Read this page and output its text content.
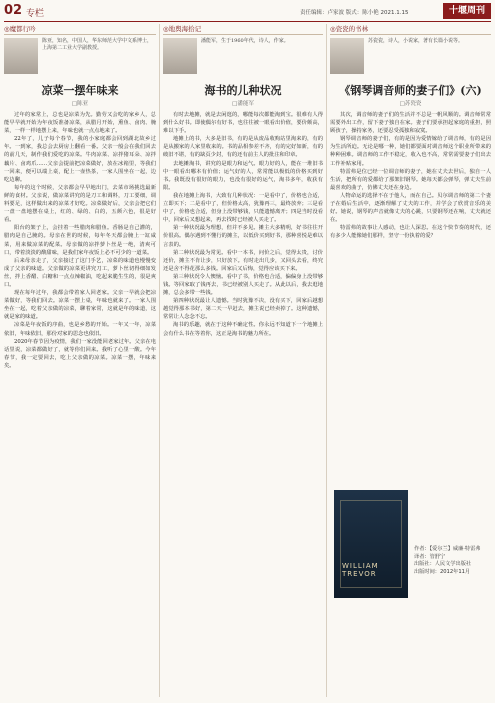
02 专栏	责任编辑：卢家波 版式：陈小艳 2021.1.15	十堰周刊
◎魔都行吟
陈亚，知名，中国人，华东师范大学中文系博士，上海第二工业大学副教授。
凉菜一摆年味来
□陈亚

过年的家常上，总也是凉菜为先。勤劳又会吃的家乡人，总能早早就开始为年夜饭准备凉菜，从腊月开始，熏鱼、卤肉、腌菜，一样一样地摆上来，年味也就一点点地来了。

22年了，儿子每个春节，我的小家庭都会回到湖北故乡过年。一到家，我总会去厨房上翻看一番。父亲一般会在我们回去的前几天，制作我们爱吃的凉菜。牛肉凉菜、凉拌猪耳朵、凉拌藕片、卤鸡爪……父亲会提前把凉菜做好，放在冰箱里，等我们一回来，便可以端上桌，配上一壶热茶，一家人围坐在一起，边吃边聊。

每年的这个时候，父亲都会早早地出门，去菜市场挑选最新鲜的食材。父亲说，做凉菜讲究的是刀工和调料，刀工要细，调料要足，这样做出来的凉菜才好吃。凉菜做好后，父亲会把它们一盘一盘地摆在桌上，红的、绿的、白的，五颜六色，很是好看。

阳台的架子上，会挂着一些腊肉和腊鱼。香肠是自己灌的，腊肉是自己腌的。母亲在世的时候，每年冬天都会腌上一缸咸菜，用来做凉菜的配菜。母亲做的凉拌萝卜丝是一绝，清爽可口，带着淡淡的酸甜味，是我们家年夜饭上必不可少的一道菜。

后来母亲走了，父亲接过了这门手艺，凉菜的味道也慢慢变成了父亲的味道。父亲做的凉菜更讲究刀工，萝卜丝切得细如发丝，拌上香醋、白糖和一点点辣椒油，吃起来脆生生的，很是爽口。

现在每年过年，我都会带着家人回老家。父亲一早就会把凉菜做好，等我们回去。凉菜一摆上桌，年味也就来了。一家人围坐在一起，吃着父亲做的凉菜，聊着家常，这就是年的味道，这就是家的味道。

凉菜是年夜饭的序曲，也是乡愁的开始。一年又一年，凉菜依旧，年味依旧，那份对家的思念也依旧。

2020年春节因为疫情，我们一家没能回老家过年。父亲在电话里说，凉菜都做好了，就等你们回来。我听了心里一酸。今年春节，我一定要回去，吃上父亲做的凉菜。凉菜一摆，年味来矣。

◎地舆海拾记
潘能军，生于1960年代，诗人，作家。
海书的儿种状况
□潘能军

有时去地摊，就是去闲逛的，哪能每次都能淘到宝。很难有人得到什么好书。即使偶尔有好书，也往往被一眼看出价值，要价颇高，难以下手。

地摊上的书，大多是旧书，有的是从废品收购站里淘来的，有的是从搬家的人家里收来的。书的品相参差不齐，有的完好如新，有的破旧不堪，有的缺页少封，有的还有前主人的批注和印章。

去地摊淘书，讲究的是眼力和运气。眼力好的人，能在一堆旧书中一眼看出哪本有价值；运气好的人，常常能以极低的价格买到好书。我既没有很好的眼力，也没有很好的运气，淘书多年，收获有限。

我在地摊上淘书，大致有几种状况：一是看中了，价格也合适，立即买下；二是看中了，但价格太高，犹豫再三，最终放弃；三是看中了，价格也合适，但身上没带够钱，只能遗憾离开；四是当时没看中，回家后又想起来，再去找时已经被人买走了。

第一种状况最为理想，但并不多见。摊主大多精明，好书往往开价很高。偶尔遇到不懂行的摊主，以低价买到好书，那种喜悦是难以言表的。

第二种状况最为常见。看中一本书，问价之后，觉得太贵，讨价还价，摊主不肯让步，只好放下。有时走出几步，又回头去看，终究还是舍不得花那么多钱。回家后又后悔，觉得应该买下来。

第三种状况令人懊恼。看中了书，价格也合适，偏偏身上没带够钱。等回家取了钱再去，书已经被别人买走了。从此以后，我去逛地摊，总会多带一些钱。

第四种状况最让人遗憾。当时犹豫不决，没有买下，回家后越想越觉得那本书好，第二天一早赶去，摊主说已经卖掉了。这种遗憾，常常让人念念不忘。

淘书的乐趣，就在于这种不确定性。你永远不知道下一个地摊上会有什么书在等着你，这正是淘书的魅力所在。

◎瓷瓷的书林
苏瓷瓷，诗人，小说家，著有长篇小说等。
《钢琴调音师的妻子们》(六)
□苏瓷瓷

其次，调音师的妻子们的生活并不总是一帆风顺的。调音师常常需要外出工作，留下妻子独自在家。妻子们要承担起家庭的重担，照顾孩子，操持家务，还要忍受孤独和寂寞。

钢琴调音师的妻子们，有的是因为爱情嫁给了调音师，有的是因为生活所迫。无论是哪一种，她们都要面对调音师这个职业所带来的种种困难。调音师的工作不稳定，收入也不高，常常需要妻子们出去工作补贴家用。

特雷弗是位已经一位调音师的妻子，她在丈夫去世后，独自一人生活，把所有的爱都给了那架旧钢琴。她每天都会弹琴，弹丈夫生前最喜欢的曲子，仿佛丈夫还在身边。

人物命运的选择不在于他人，而在自己。贝尔调音师的第二个妻子在婚后生活中，逐渐理解了丈夫的工作，并学会了欣赏音乐的美好。她说，钢琴的声音就像丈夫的心跳，只要钢琴还在响，丈夫就还在。

特雷弗的故事让人感动，也让人深思。在这个快节奏的时代，还有多少人能像她们那样，坚守一份执着的爱？

WILLIAM TREVOR
作者：【爱尔兰】威廉·特雷弗
译者：管舒宁
出版社：人民文学出版社
出版时间：2012年11月
